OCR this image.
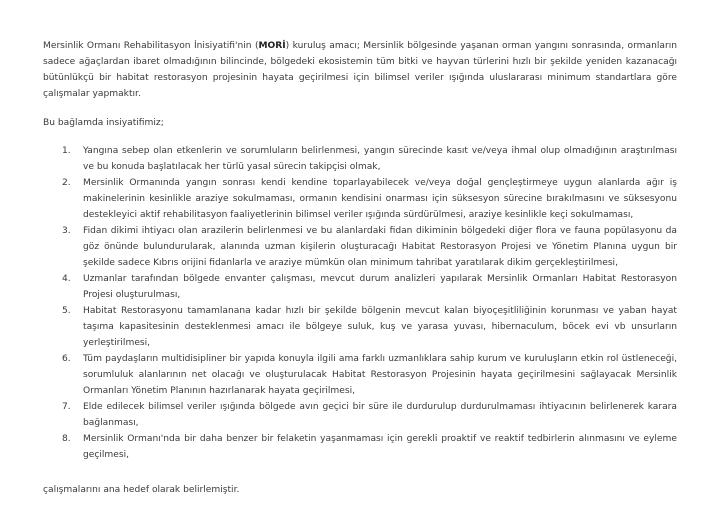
Mersinlik Ormanı Rehabilitasyon İnisiyatifi'nin (MORİ) kuruluş amacı; Mersinlik bölgesinde yaşanan orman yangını sonrasında, ormanların sadece ağaçlardan ibaret olmadığının bilincinde, bölgedeki ekosistemin tüm bitki ve hayvan türlerini hızlı bir şekilde yeniden kazanacağı bütünlükçü bir habitat restorasyon projesinin hayata geçirilmesi için bilimsel veriler ışığında uluslararası minimum standartlara göre çalışmalar yapmaktır.

Bu bağlamda insiyatifimiz;

1. Yangına sebep olan etkenlerin ve sorumluların belirlenmesi, yangın sürecinde kasıt ve/veya ihmal olup olmadığının araştırılması ve bu konuda başlatılacak her türlü yasal sürecin takipçisi olmak,
2. Mersinlik Ormanında yangın sonrası kendi kendine toparlayabilecek ve/veya doğal gençleştirmeye uygun alanlarda ağır iş makinelerinin kesinlikle araziye sokulmaması, ormanın kendisini onarması için süksesyon sürecine bırakılmasını ve süksesyonu destekleyici aktif rehabilitasyon faaliyetlerinin bilimsel veriler ışığında sürdürülmesi, araziye kesinlikle keçi sokulmaması,
3. Fidan dikimi ihtiyacı olan arazilerin belirlenmesi ve bu alanlardaki fidan dikiminin bölgedeki diğer flora ve fauna popülasyonu da göz önünde bulundurularak, alanında uzman kişilerin oluşturacağı Habitat Restorasyon Projesi ve Yönetim Planına uygun bir şekilde sadece Kıbrıs orijini fidanlarla ve araziye mümkün olan minimum tahribat yaratılarak dikim gerçekleştirilmesi,
4. Uzmanlar tarafından bölgede envanter çalışması, mevcut durum analizleri yapılarak Mersinlik Ormanları Habitat Restorasyon Projesi oluşturulması,
5. Habitat Restorasyonu tamamlanana kadar hızlı bir şekilde bölgenin mevcut kalan biyoçeşitliliğinin korunması ve yaban hayat taşıma kapasitesinin desteklenmesi amacı ile bölgeye suluk, kuş ve yarasa yuvası, hibernaculum, böcek evi vb unsurların yerleştirilmesi,
6. Tüm paydaşların multidisipliner bir yapıda konuyla ilgili ama farklı uzmanlıklara sahip kurum ve kuruluşların etkin rol üstleneceği, sorumluluk alanlarının net olacağı ve oluşturulacak Habitat Restorasyon Projesinin hayata geçirilmesini sağlayacak Mersinlik Ormanları Yönetim Planının hazırlanarak hayata geçirilmesi,
7. Elde edilecek bilimsel veriler ışığında bölgede avın geçici bir süre ile durdurulup durdurulmaması ihtiyacının belirlenerek karara bağlanması,
8. Mersinlik Ormanı'nda bir daha benzer bir felaketin yaşanmaması için gerekli proaktif ve reaktif tedbirlerin alınmasını ve eyleme geçilmesi,

çalışmalarını ana hedef olarak belirlemiştir.
